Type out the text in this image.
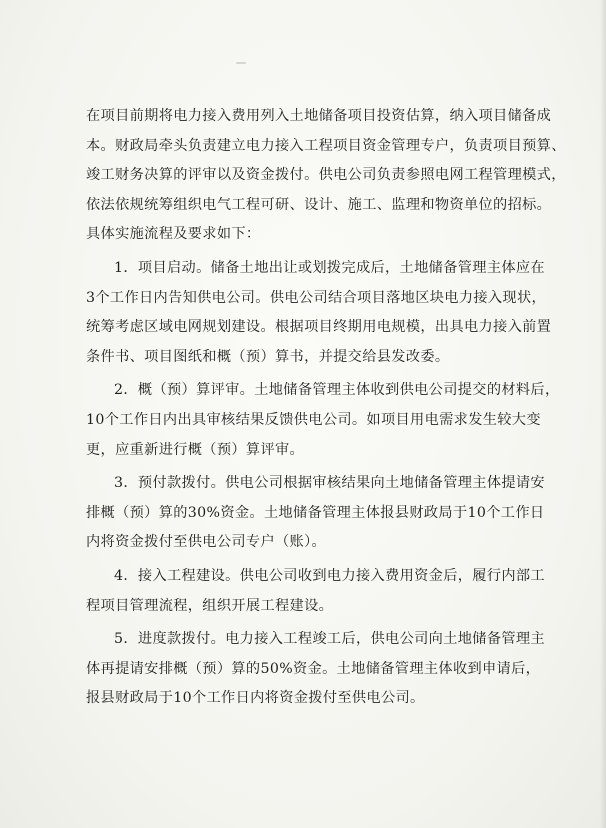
在项目前期将电力接入费用列入土地储备项目投资估算，纳入项目储备成
本。财政局牵头负责建立电力接入工程项目资金管理专户，负责项目预算、
竣工财务决算的评审以及资金拨付。供电公司负责参照电网工程管理模式，
依法依规统筹组织电气工程可研、设计、施工、监理和物资单位的招标。
具体实施流程及要求如下：
1．项目启动。储备土地出让或划拨完成后，土地储备管理主体应在
3个工作日内告知供电公司。供电公司结合项目落地区块电力接入现状，
统筹考虑区域电网规划建设。根据项目终期用电规模，出具电力接入前置
条件书、项目图纸和概（预）算书，并提交给县发改委。
2．概（预）算评审。土地储备管理主体收到供电公司提交的材料后，
10个工作日内出具审核结果反馈供电公司。如项目用电需求发生较大变
更，应重新进行概（预）算评审。
3．预付款拨付。供电公司根据审核结果向土地储备管理主体提请安
排概（预）算的30%资金。土地储备管理主体报县财政局于10个工作日
内将资金拨付至供电公司专户（账）。
4．接入工程建设。供电公司收到电力接入费用资金后，履行内部工
程项目管理流程，组织开展工程建设。
5．进度款拨付。电力接入工程竣工后，供电公司向土地储备管理主
体再提请安排概（预）算的50%资金。土地储备管理主体收到申请后，
报县财政局于10个工作日内将资金拨付至供电公司。
